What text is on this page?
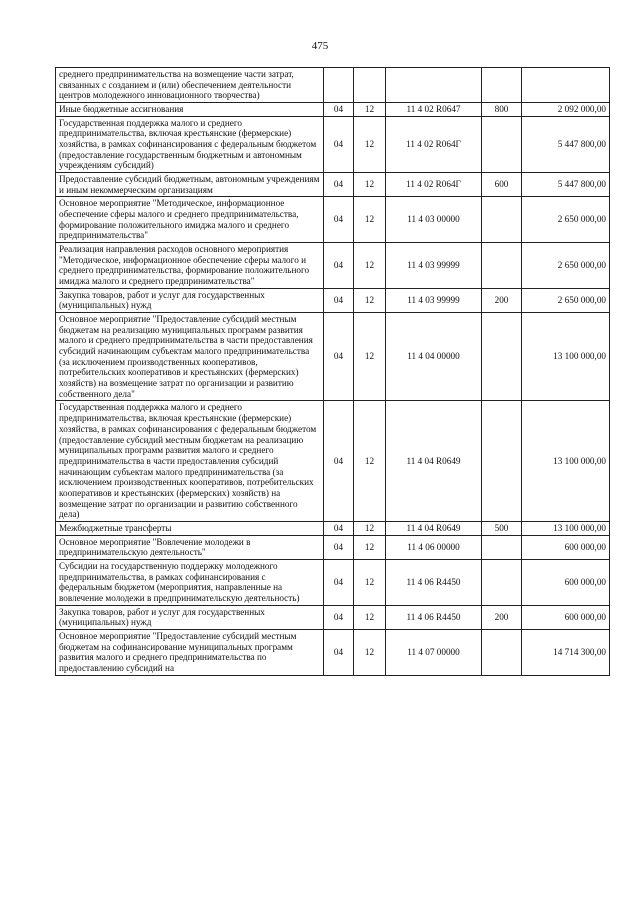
475
среднего предпринимательства на возмещение части затрат, связанных с созданием и (или) обеспечением деятельности центров молодежного инновационного творчества)					
Иные бюджетные ассигнования	04	12	11 4 02 R0647	800	2 092 000,00
Государственная поддержка малого и среднего предпринимательства, включая крестьянские (фермерские) хозяйства, в рамках софинансирования с федеральным бюджетом (предоставление государственным бюджетным и автономным учреждениям субсидий)	04	12	11 4 02 R064Г		5 447 800,00
Предоставление субсидий бюджетным, автономным учреждениям и иным некоммерческим организациям	04	12	11 4 02 R064Г	600	5 447 800,00
Основное мероприятие "Методическое, информационное обеспечение сферы малого и среднего предпринимательства, формирование положительного имиджа малого и среднего предпринимательства"	04	12	11 4 03 00000		2 650 000,00
Реализация направления расходов основного мероприятия "Методическое, информационное обеспечение сферы малого и среднего предпринимательства, формирование положительного имиджа малого и среднего предпринимательства"	04	12	11 4 03 99999		2 650 000,00
Закупка товаров, работ и услуг для государственных (муниципальных) нужд	04	12	11 4 03 99999	200	2 650 000,00
Основное мероприятие "Предоставление субсидий местным бюджетам на реализацию муниципальных программ развития малого и среднего предпринимательства в части предоставления субсидий начинающим субъектам малого предпринимательства (за исключением производственных кооперативов, потребительских кооперативов и крестьянских (фермерских) хозяйств) на возмещение затрат по организации и развитию собственного дела"	04	12	11 4 04 00000		13 100 000,00
Государственная поддержка малого и среднего предпринимательства, включая крестьянские (фермерские) хозяйства, в рамках софинансирования с федеральным бюджетом (предоставление субсидий местным бюджетам на реализацию муниципальных программ развития малого и среднего предпринимательства в части предоставления субсидий начинающим субъектам малого предпринимательства (за исключением производственных кооперативов, потребительских кооперативов и крестьянских (фермерских) хозяйств) на возмещение затрат по организации и развитию собственного дела)	04	12	11 4 04 R0649		13 100 000,00
Межбюджетные трансферты	04	12	11 4 04 R0649	500	13 100 000,00
Основное мероприятие "Вовлечение молодежи в предпринимательскую деятельность"	04	12	11 4 06 00000		600 000,00
Субсидии на государственную поддержку молодежного предпринимательства, в рамках софинансирования с федеральным бюджетом (мероприятия, направленные на вовлечение молодежи в предпринимательскую деятельность)	04	12	11 4 06 R4450		600 000,00
Закупка товаров, работ и услуг для государственных (муниципальных) нужд	04	12	11 4 06 R4450	200	600 000,00
Основное мероприятие "Предоставление субсидий местным бюджетам на софинансирование муниципальных программ развития малого и среднего предпринимательства по предоставлению субсидий на	04	12	11 4 07 00000		14 714 300,00
